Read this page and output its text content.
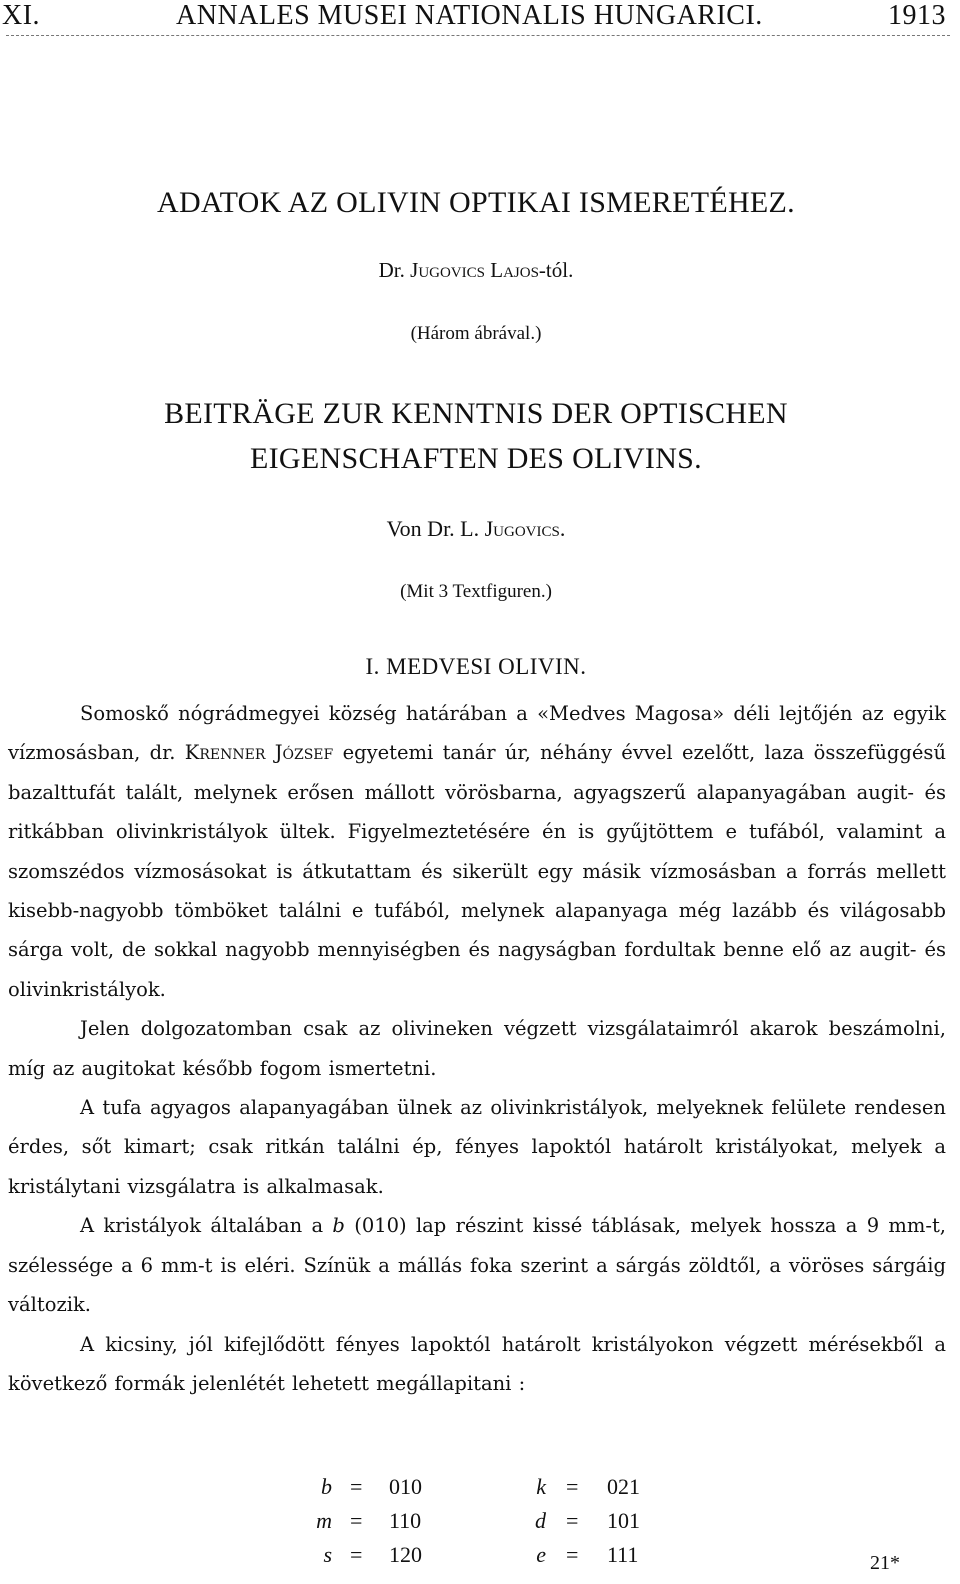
XI.	ANNALES MUSEI NATIONALIS HUNGARICI.	1913
ADATOK AZ OLIVIN OPTIKAI ISMERETÉHEZ.
Dr. Jugovics Lajos-tól.
(Három ábrával.)
BEITRÄGE ZUR KENNTNIS DER OPTISCHEN
EIGENSCHAFTEN DES OLIVINS.
Von Dr. L. Jugovics.
(Mit 3 Textfiguren.)
I. MEDVESI OLIVIN.

Somoskő nógrádmegyei község határában a «Medves Magosa» déli lejtőjén az egyik vízmosásban, dr. Krenner József egyetemi tanár úr, néhány évvel ezelőtt, laza összefüggésű bazalttufát talált, melynek erősen mállott vörösbarna, agyagszerű alapanyagában augit- és ritkábban olivinkristályok ültek. Figyelmeztetésére én is gyűjtöttem e tufából, valamint a szomszédos vízmosásokat is átkutattam és sikerült egy másik vízmosásban a forrás mellett kisebb-nagyobb tömböket találni e tufából, melynek alapanyaga még lazább és világosabb sárga volt, de sokkal nagyobb mennyiségben és nagyságban fordultak benne elő az augit- és olivinkristályok.

Jelen dolgozatomban csak az olivineken végzett vizsgálataimról akarok beszámolni, míg az augitokat később fogom ismertetni.

A tufa agyagos alapanyagában ülnek az olivinkristályok, melyeknek felülete rendesen érdes, sőt kimart; csak ritkán találni ép, fényes lapoktól határolt kristályokat, melyek a kristálytani vizsgálatra is alkalmasak.

A kristályok általában a b (010) lap részint kissé táblásak, melyek hossza a 9 mm-t, szélessége a 6 mm-t is eléri. Színük a mállás foka szerint a sárgás zöldtől, a vöröses sárgáig változik.

A kicsiny, jól kifejlődött fényes lapoktól határolt kristályokon végzett mérésekből a következő formák jelenlétét lehetett megállapitani :

b = 010	k = 021
m = 110	d = 101
s = 120	e = 111	21*
